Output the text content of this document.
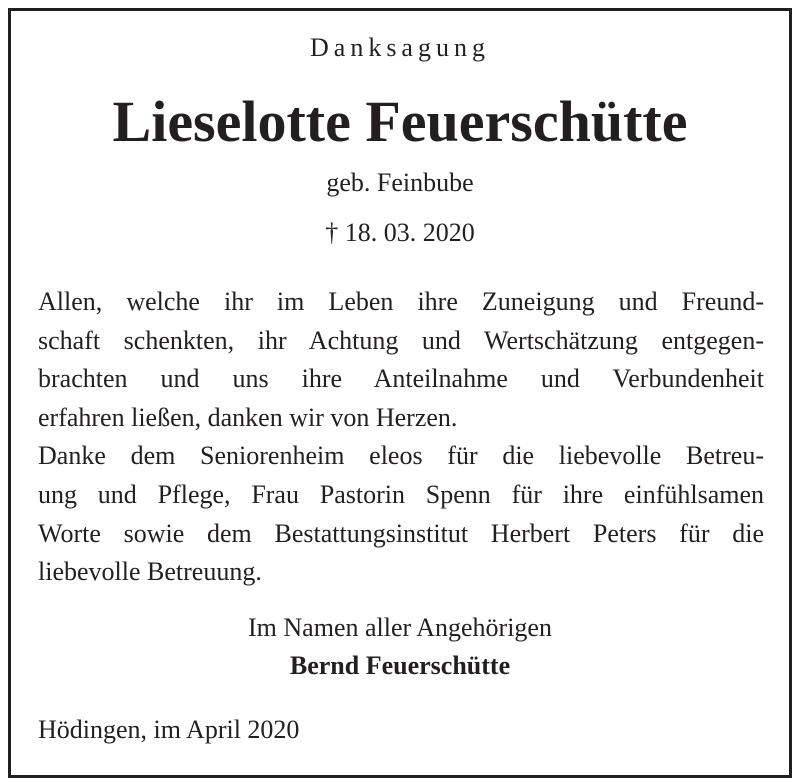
Danksagung
Lieselotte Feuerschütte
geb. Feinbube
† 18. 03. 2020
Allen, welche ihr im Leben ihre Zuneigung und Freund-
schaft schenkten, ihr Achtung und Wertschätzung entgegen-
brachten und uns ihre Anteilnahme und Verbundenheit
erfahren ließen, danken wir von Herzen.
Danke dem Seniorenheim eleos für die liebevolle Betreu-
ung und Pflege, Frau Pastorin Spenn für ihre einfühlsamen
Worte sowie dem Bestattungsinstitut Herbert Peters für die
liebevolle Betreuung.
Im Namen aller Angehörigen
Bernd Feuerschütte
Hödingen, im April 2020
